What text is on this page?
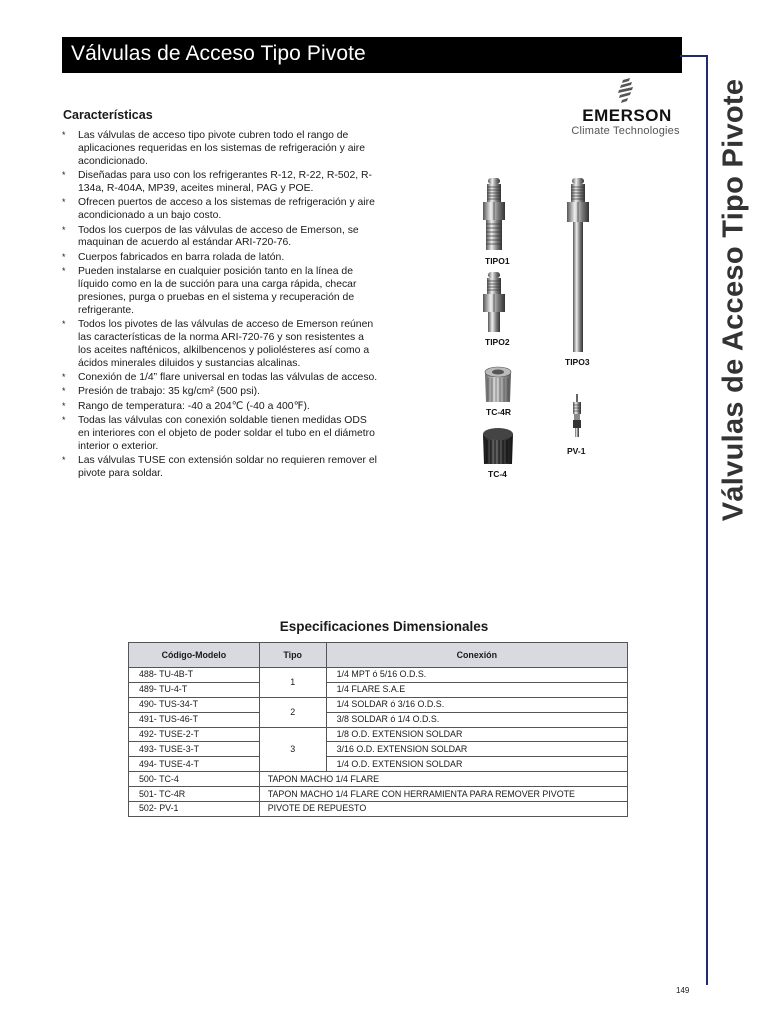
Válvulas de Acceso Tipo Pivote
Válvulas de Acceso Tipo Pivote
EMERSON
Climate Technologies
Características
* Las válvulas de acceso tipo pivote cubren todo el rango de aplicaciones requeridas en los sistemas de refrigeración y aire acondicionado.
* Diseñadas para uso con los refrigerantes R-12, R-22, R-502, R-134a, R-404A, MP39, aceites mineral, PAG y POE.
* Ofrecen puertos de acceso a los sistemas de refrigeración y aire acondicionado a un bajo costo.
* Todos los cuerpos de las válvulas de acceso de Emerson, se maquinan de acuerdo al estándar ARI-720-76.
* Cuerpos fabricados en barra rolada de latón.
* Pueden instalarse en cualquier posición tanto en la línea de líquido como en la de succión para una carga rápida, checar presiones, purga o pruebas en el sistema y recuperación de refrigerante.
* Todos los pivotes de las válvulas de acceso de Emerson reúnen las características de la norma ARI-720-76 y son resistentes a los aceites nafténicos, alkilbencenos y poliolésteres así como a ácidos minerales diluidos y sustancias alcalinas.
* Conexión de 1/4” flare universal en todas las válvulas de acceso.
* Presión de trabajo: 35 kg/cm² (500 psi).
* Rango de temperatura: -40 a 204℃ (-40 a 400℉).
* Todas las válvulas con conexión soldable tienen medidas ODS en interiores con el objeto de poder soldar el tubo en el diámetro interior o exterior.
* Las válvulas TUSE con extensión soldar no requieren remover el pivote para soldar.
TIPO1
TIPO2
TIPO3
TC-4R
TC-4
PV-1
Especificaciones Dimensionales
Código-Modelo	Tipo	Conexión
488- TU-4B-T	1	1/4 MPT ó 5/16 O.D.S.
489- TU-4-T		1/4 FLARE S.A.E
490- TUS-34-T	2	1/4 SOLDAR ó 3/16 O.D.S.
491- TUS-46-T		3/8 SOLDAR ó 1/4 O.D.S.
492- TUSE-2-T	3	1/8 O.D. EXTENSION SOLDAR
493- TUSE-3-T		3/16 O.D. EXTENSION SOLDAR
494- TUSE-4-T		1/4 O.D. EXTENSION SOLDAR
500- TC-4	TAPON MACHO 1/4 FLARE	
501- TC-4R	TAPON MACHO 1/4 FLARE CON HERRAMIENTA PARA REMOVER PIVOTE	
502- PV-1	PIVOTE DE REPUESTO	
149
